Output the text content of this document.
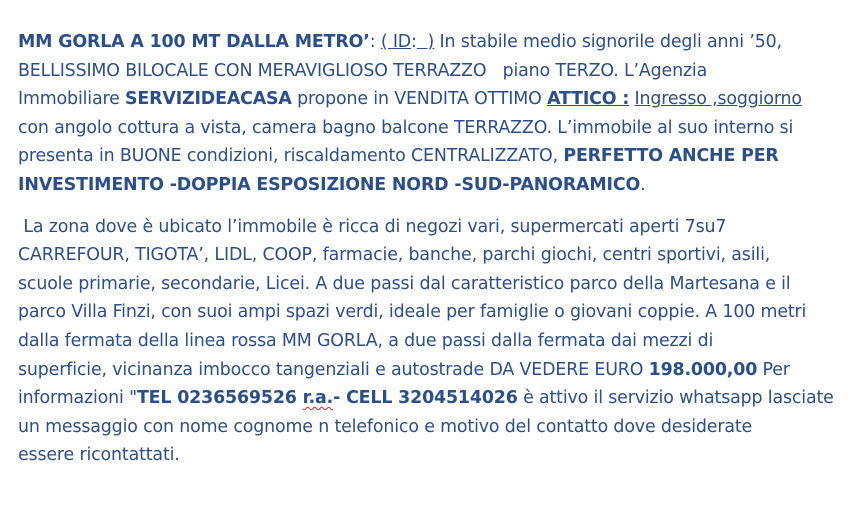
MM GORLA A 100 MT DALLA METRO’: ( ID: ) In stabile medio signorile degli anni ’50,
BELLISSIMO BILOCALE CON MERAVIGLIOSO TERRAZZO   piano TERZO. L’Agenzia
Immobiliare SERVIZIDEACASA propone in VENDITA OTTIMO ATTICO : Ingresso ,soggiorno
con angolo cottura a vista, camera bagno balcone TERRAZZO. L’immobile al suo interno si
presenta in BUONE condizioni, riscaldamento CENTRALIZZATO, PERFETTO ANCHE PER
INVESTIMENTO -DOPPIA ESPOSIZIONE NORD -SUD-PANORAMICO.
La zona dove è ubicato l’immobile è ricca di negozi vari, supermercati aperti 7su7
CARREFOUR, TIGOTA’, LIDL, COOP, farmacie, banche, parchi giochi, centri sportivi, asili,
scuole primarie, secondarie, Licei. A due passi dal caratteristico parco della Martesana e il
parco Villa Finzi, con suoi ampi spazi verdi, ideale per famiglie o giovani coppie. A 100 metri
dalla fermata della linea rossa MM GORLA, a due passi dalla fermata dai mezzi di
superficie, vicinanza imbocco tangenziali e autostrade DA VEDERE EURO 198.000,00 Per
informazioni "TEL 0236569526 r.a.- CELL 3204514026 è attivo il servizio whatsapp lasciate
un messaggio con nome cognome n telefonico e motivo del contatto dove desiderate
essere ricontattati.
